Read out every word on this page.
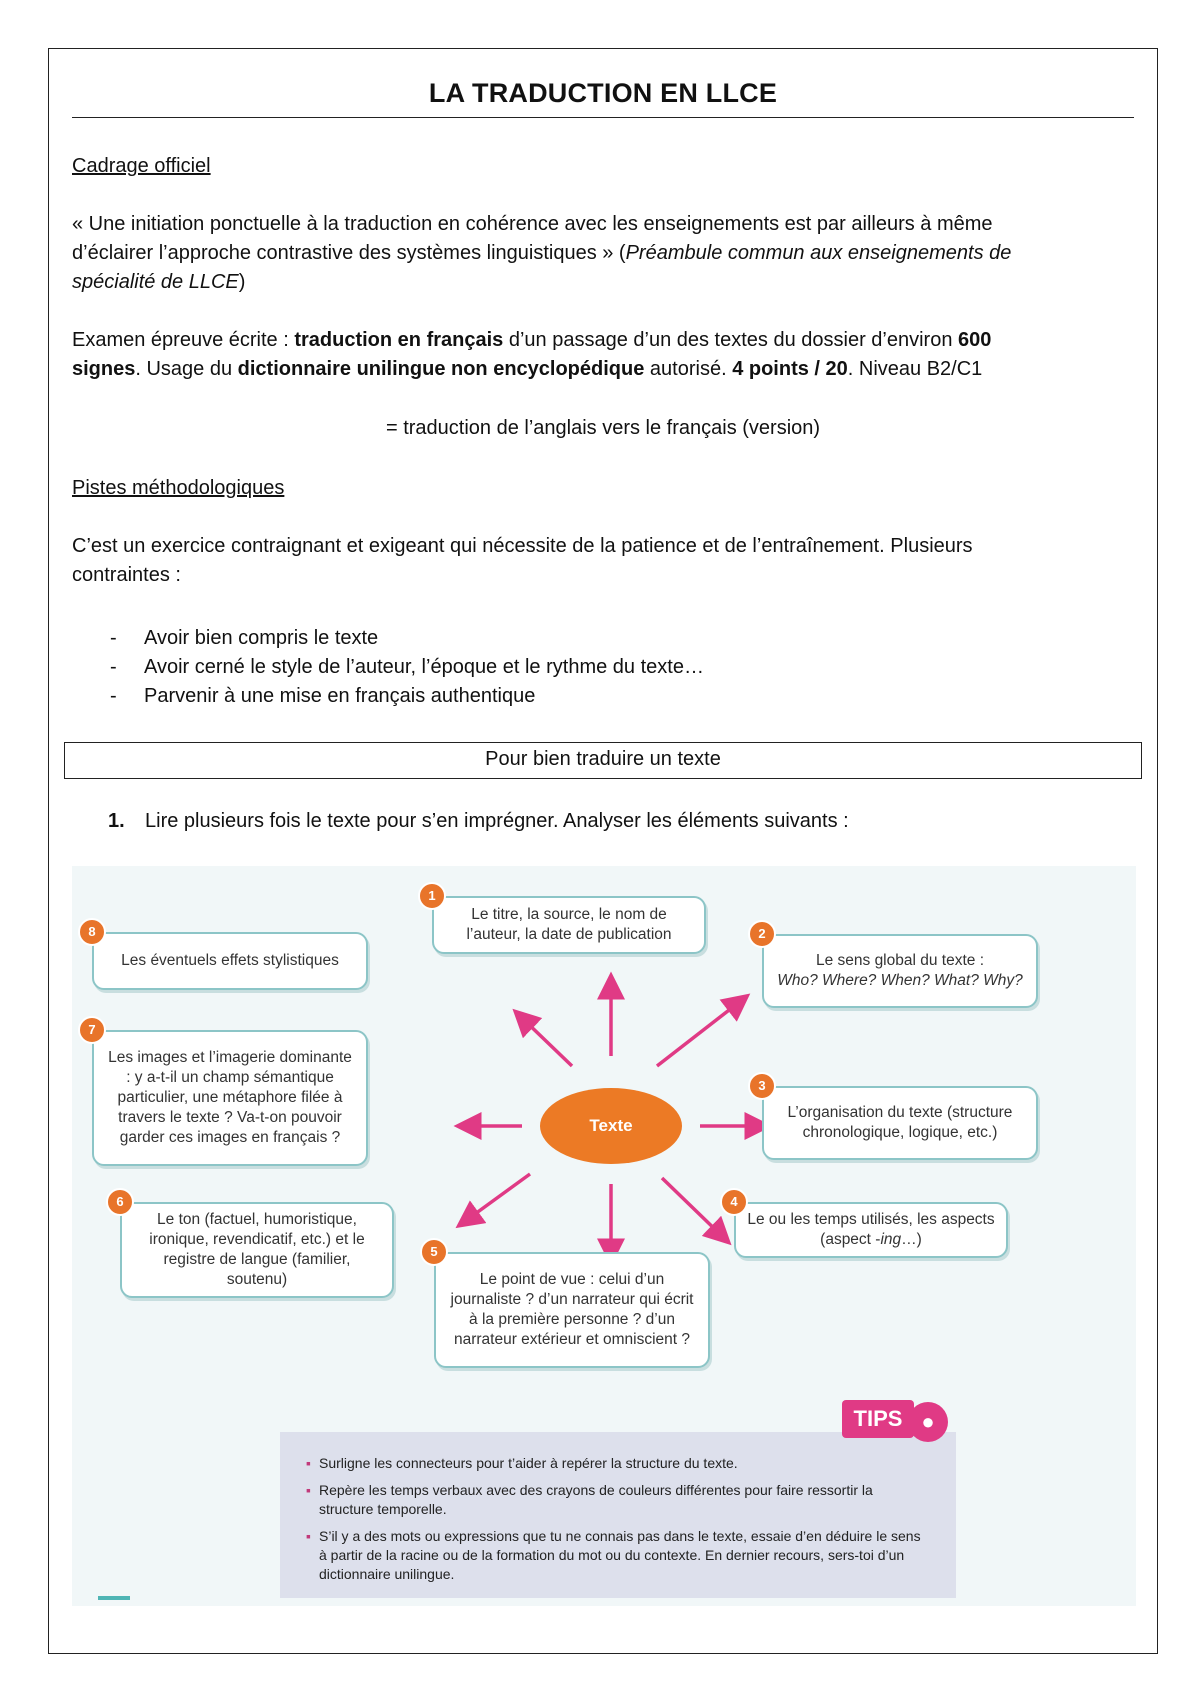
LA TRADUCTION EN LLCE
Cadrage officiel
« Une initiation ponctuelle à la traduction en cohérence avec les enseignements est par ailleurs à même
d’éclairer l’approche contrastive des systèmes linguistiques » (Préambule commun aux enseignements de
spécialité de LLCE)
Examen épreuve écrite : traduction en français d’un passage d’un des textes du dossier d’environ 600
signes. Usage du dictionnaire unilingue non encyclopédique autorisé. 4 points / 20. Niveau B2/C1
= traduction de l’anglais vers le français (version)
Pistes méthodologiques
C’est un exercice contraignant et exigeant qui nécessite de la patience et de l’entraînement. Plusieurs
contraintes :
- Avoir bien compris le texte
- Avoir cerné le style de l’auteur, l’époque et le rythme du texte…
- Parvenir à une mise en français authentique
Pour bien traduire un texte
1. Lire plusieurs fois le texte pour s’en imprégner. Analyser les éléments suivants :
Texte
Le titre, la source, le nom de l’auteur, la date de publication
1
Le sens global du texte :
Who? Where? When? What? Why?
2
L’organisation du texte (structure chronologique, logique, etc.)
3
Le ou les temps utilisés, les aspects (aspect -ing…)
4
Le point de vue : celui d’un journaliste ? d’un narrateur qui écrit à la première personne ? d’un narrateur extérieur et omniscient ?
5
Le ton (factuel, humoristique, ironique, revendicatif, etc.) et le registre de langue (familier, soutenu)
6
Les images et l’imagerie dominante : y a-t-il un champ sémantique particulier, une métaphore filée à travers le texte ? Va-t-on pouvoir garder ces images en français ?
7
Les éventuels effets stylistiques
8
▪ Surligne les connecteurs pour t’aider à repérer la structure du texte.
▪ Repère les temps verbaux avec des crayons de couleurs différentes pour faire ressortir la structure temporelle.
▪ S’il y a des mots ou expressions que tu ne connais pas dans le texte, essaie d’en déduire le sens à partir de la racine ou de la formation du mot ou du contexte. En dernier recours, sers-toi d’un dictionnaire unilingue.
TIPS ●
